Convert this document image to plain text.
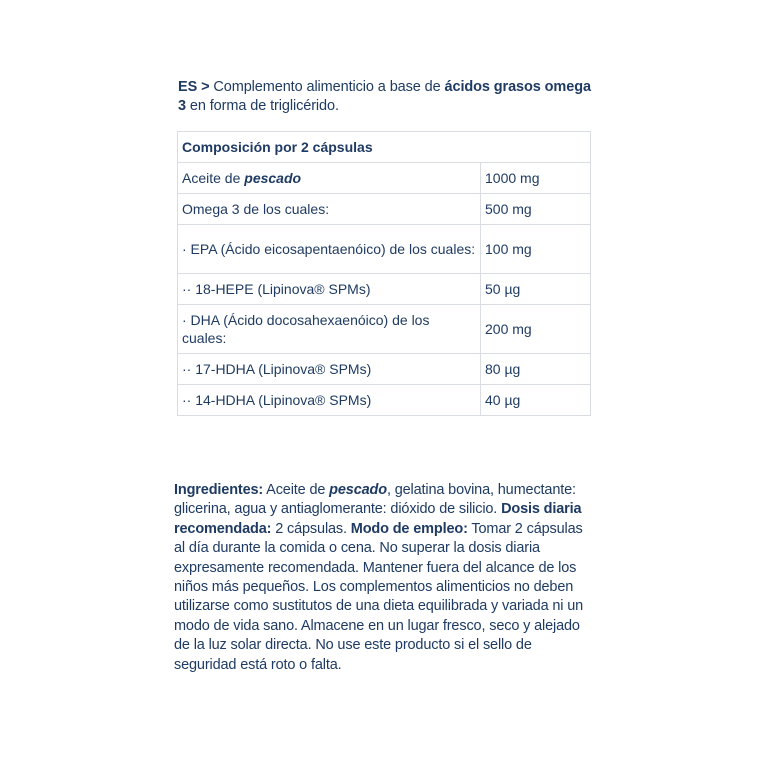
ES > Complemento alimenticio a base de ácidos grasos omega 3 en forma de triglicérido.
Composición por 2 cápsulas	
Aceite de pescado	1000 mg
Omega 3 de los cuales:	500 mg
· EPA (Ácido eicosapentaenóico) de los cuales:	100 mg
·· 18-HEPE (Lipinova® SPMs)	50 µg
· DHA (Ácido docosahexaenóico) de los cuales:	200 mg
·· 17-HDHA (Lipinova® SPMs)	80 µg
·· 14-HDHA (Lipinova® SPMs)	40 µg
Ingredientes: Aceite de pescado, gelatina bovina, humectante: glicerina, agua y antiaglomerante: dióxido de silicio. Dosis diaria recomendada: 2 cápsulas. Modo de empleo: Tomar 2 cápsulas al día durante la comida o cena. No superar la dosis diaria expresamente recomendada. Mantener fuera del alcance de los niños más pequeños. Los complementos alimenticios no deben utilizarse como sustitutos de una dieta equilibrada y variada ni un modo de vida sano. Almacene en un lugar fresco, seco y alejado de la luz solar directa. No use este producto si el sello de seguridad está roto o falta.
